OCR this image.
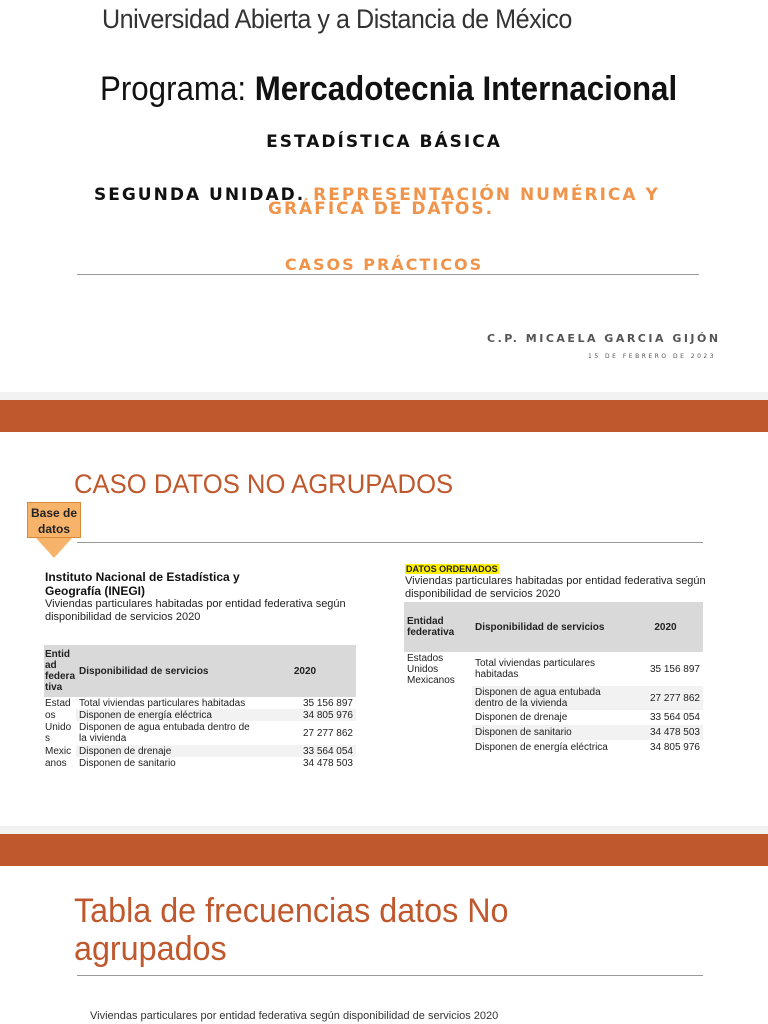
Universidad Abierta y a Distancia de México
Programa: Mercadotecnia Internacional
ESTADÍSTICA BÁSICA
SEGUNDA UNIDAD. REPRESENTACIÓN NUMÉRICA Y
GRÁFICA DE DATOS.
CASOS PRÁCTICOS
C.P. MICAELA GARCIA GIJÓN
15 DE FEBRERO DE 2023
CASO DATOS NO AGRUPADOS
Base de datos
Instituto Nacional de Estadística y
Geografía (INEGI)
Viviendas particulares habitadas por entidad federativa según
disponibilidad de servicios 2020
Entid ad federa tiva	Disponibilidad de servicios	2020
Estad	Total viviendas particulares habitadas	35 156 897
os	Disponen de energía eléctrica	34 805 976
Unido
s	Disponen de agua entubada dentro de la vivienda	27 277 862
Mexic	Disponen de drenaje	33 564 054
anos	Disponen de sanitario	34 478 503
DATOS ORDENADOS
Viviendas particulares habitadas por entidad federativa según
disponibilidad de servicios 2020
Entidad federativa	Disponibilidad de servicios	2020
Estados Unidos Mexicanos	Total viviendas particulares habitadas	35 156 897
	Disponen de agua entubada dentro de la vivienda	27 277 862
	Disponen de drenaje	33 564 054
	Disponen de sanitario	34 478 503
	Disponen de energía eléctrica	34 805 976
Tabla de frecuencias datos No
agrupados
Viviendas particulares por entidad federativa según disponibilidad de servicios 2020
